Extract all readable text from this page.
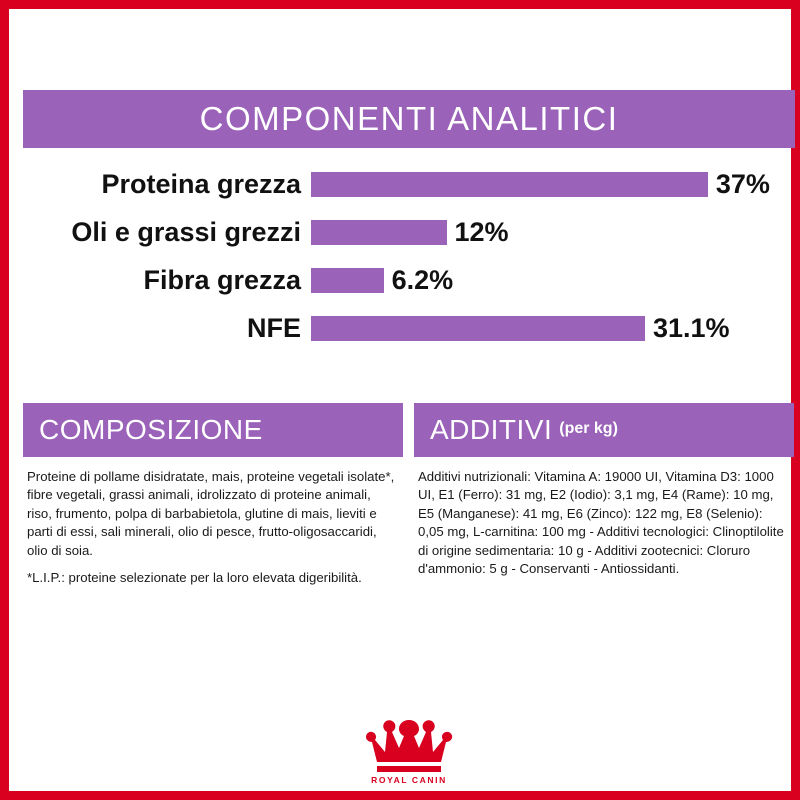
COMPONENTI ANALITICI
Proteina grezza	37%
Oli e grassi grezzi	12%
Fibra grezza	6.2%
NFE	31.1%
COMPOSIZIONE

Proteine di pollame disidratate, mais, proteine vegetali isolate*, fibre vegetali, grassi animali, idrolizzato di proteine animali, riso, frumento, polpa di barbabietola, glutine di mais, lieviti e parti di essi, sali minerali, olio di pesce, frutto-oligosaccaridi, olio di soia.

*L.I.P.: proteine selezionate per la loro elevata digeribilità.

ADDITIVI (per kg)

Additivi nutrizionali: Vitamina A: 19000 UI, Vitamina D3: 1000 UI, E1 (Ferro): 31 mg, E2 (Iodio): 3,1 mg, E4 (Rame): 10 mg, E5 (Manganese): 41 mg, E6 (Zinco): 122 mg, E8 (Selenio): 0,05 mg, L-carnitina: 100 mg - Additivi tecnologici: Clinoptilolite di origine sedimentaria: 10 g - Additivi zootecnici: Cloruro d'ammonio: 5 g - Conservanti - Antiossidanti.

ROYAL CANIN
